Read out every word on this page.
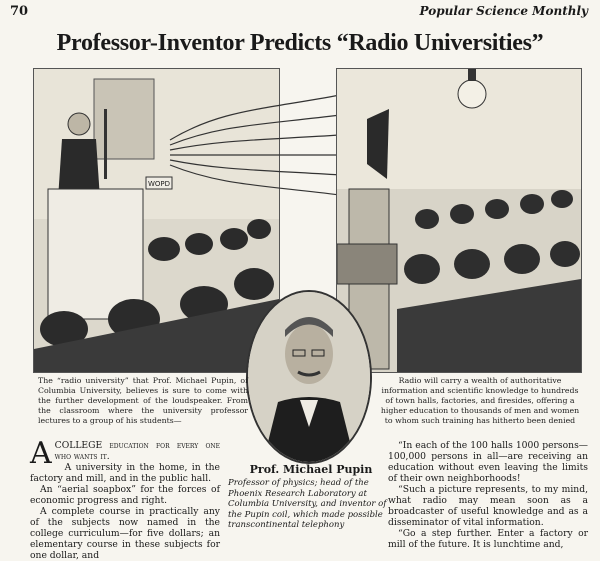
70	Popular Science Monthly
Professor-Inventor Predicts “Radio Universities”
WOPD
The “radio university” that Prof. Michael Pupin, of Columbia University, believes is sure to come with the further development of the loudspeaker. From the classroom where the university professor lectures to a group of his students—
Radio will carry a wealth of authoritative information and scientific knowledge to hundreds of town halls, factories, and firesides, offering a higher education to thousands of men and women to whom such training has hitherto been denied
Prof. Michael Pupin
Professor of physics; head of the Phoenix Research Laboratory at Columbia University, and inventor of the Pupin coil, which made possible transcontinental telephony

ACOLLEGE education for every one who wants it.

A university in the home, in the factory and mill, and in the public hall.

An “aerial soapbox” for the forces of economic progress and right.

A complete course in practically any of the subjects now named in the college curriculum—for five dollars; an elementary course in these subjects for one dollar, and

“In each of the 100 halls 1000 persons—100,000 persons in all—are receiving an education without even leaving the limits of their own neighborhoods!

“Such a picture represents, to my mind, what radio may mean soon as a broadcaster of useful knowledge and as a disseminator of vital information.

“Go a step further. Enter a factory or mill of the future. It is lunchtime and,
